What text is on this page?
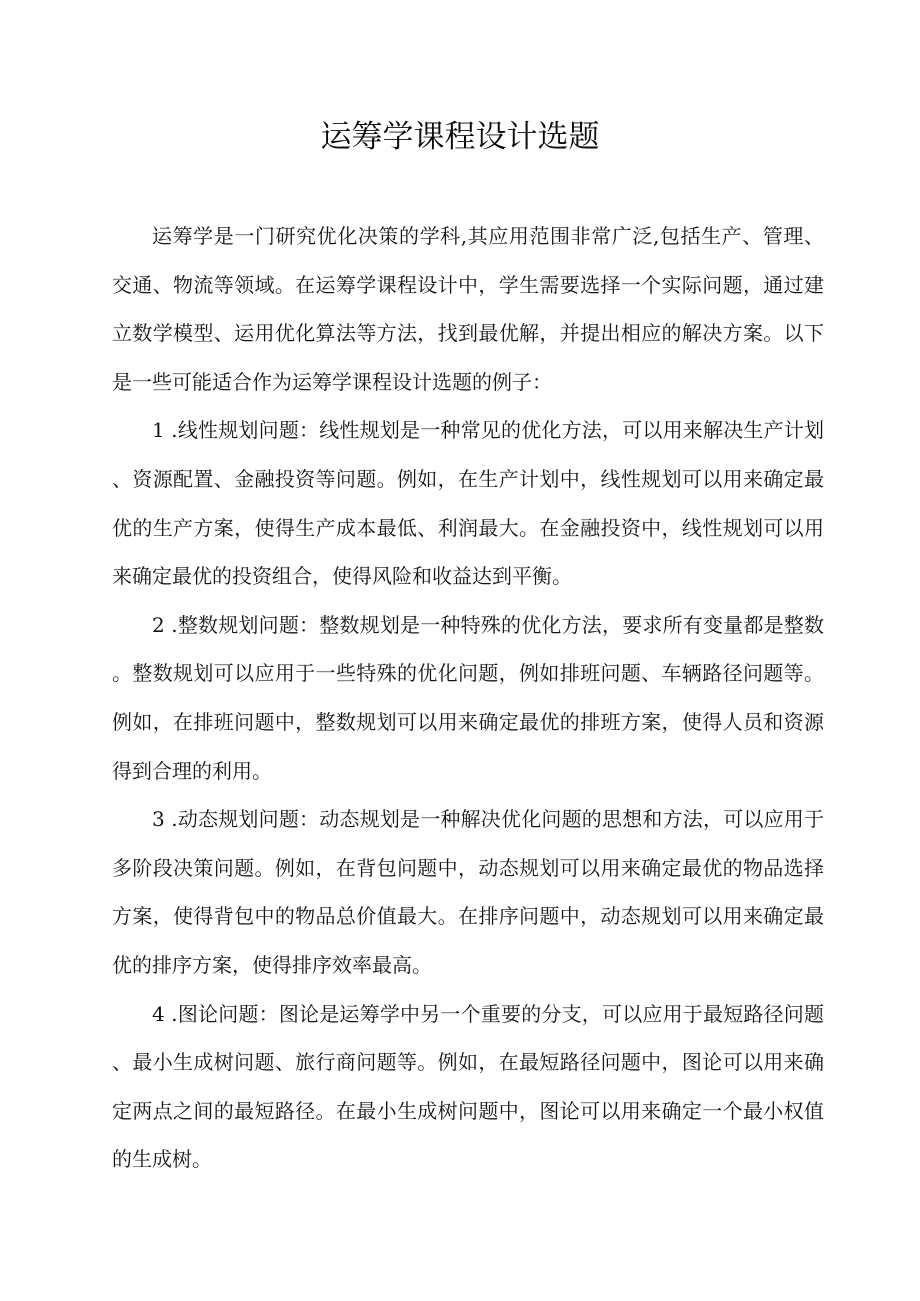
运筹学课程设计选题

运筹学是一门研究优化决策的学科,其应用范围非常广泛,包括生产、管理、交通、物流等领域。在运筹学课程设计中，学生需要选择一个实际问题，通过建立数学模型、运用优化算法等方法，找到最优解，并提出相应的解决方案。以下是一些可能适合作为运筹学课程设计选题的例子：

1 .线性规划问题：线性规划是一种常见的优化方法，可以用来解决生产计划、资源配置、金融投资等问题。例如，在生产计划中，线性规划可以用来确定最优的生产方案，使得生产成本最低、利润最大。在金融投资中，线性规划可以用来确定最优的投资组合，使得风险和收益达到平衡。

2 .整数规划问题：整数规划是一种特殊的优化方法，要求所有变量都是整数。整数规划可以应用于一些特殊的优化问题，例如排班问题、车辆路径问题等。例如，在排班问题中，整数规划可以用来确定最优的排班方案，使得人员和资源得到合理的利用。

3 .动态规划问题：动态规划是一种解决优化问题的思想和方法，可以应用于多阶段决策问题。例如，在背包问题中，动态规划可以用来确定最优的物品选择方案，使得背包中的物品总价值最大。在排序问题中，动态规划可以用来确定最优的排序方案，使得排序效率最高。

4 .图论问题：图论是运筹学中另一个重要的分支，可以应用于最短路径问题、最小生成树问题、旅行商问题等。例如，在最短路径问题中，图论可以用来确定两点之间的最短路径。在最小生成树问题中，图论可以用来确定一个最小权值的生成树。
